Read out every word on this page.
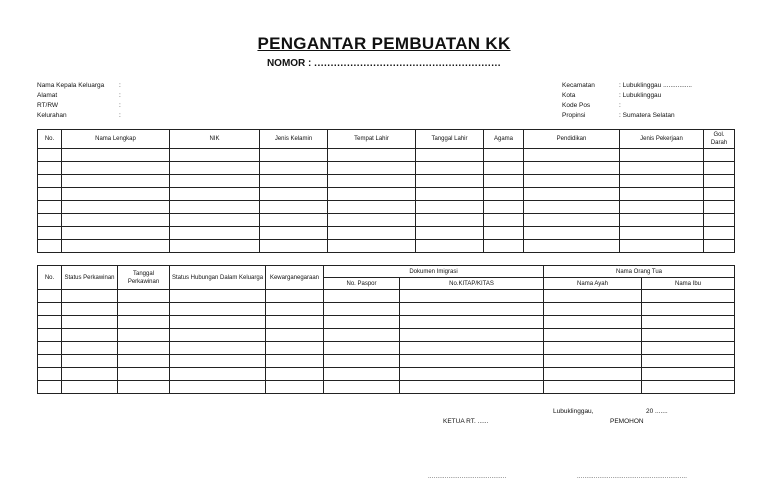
PENGANTAR PEMBUATAN KK
NOMOR : .........................................................
Nama Kepala Keluarga	:
Alamat	:
RT/RW	:
Kelurahan	:
Kecamatan	: Lubuklinggau ................
Kota	: Lubuklinggau
Kode Pos	:
Propinsi	: Sumatera Selatan
No.	Nama Lengkap	NIK	Jenis Kelamin	Tempat Lahir	Tanggal Lahir	Agama	Pendidikan	Jenis Pekerjaan	Gol. Darah

No.	Status Perkawinan	Tanggal Perkawinan	Status Hubungan Dalam Keluarga	Kewarganegaraan	Dokumen Imigrasi		Nama Orang Tua	
					No. Paspor	No.KITAP/KITAS	Nama Ayah	Nama Ibu

Lubuklinggau,	20 .......
PEMOHON
KETUA RT. ......
..........................................	...........................................................
